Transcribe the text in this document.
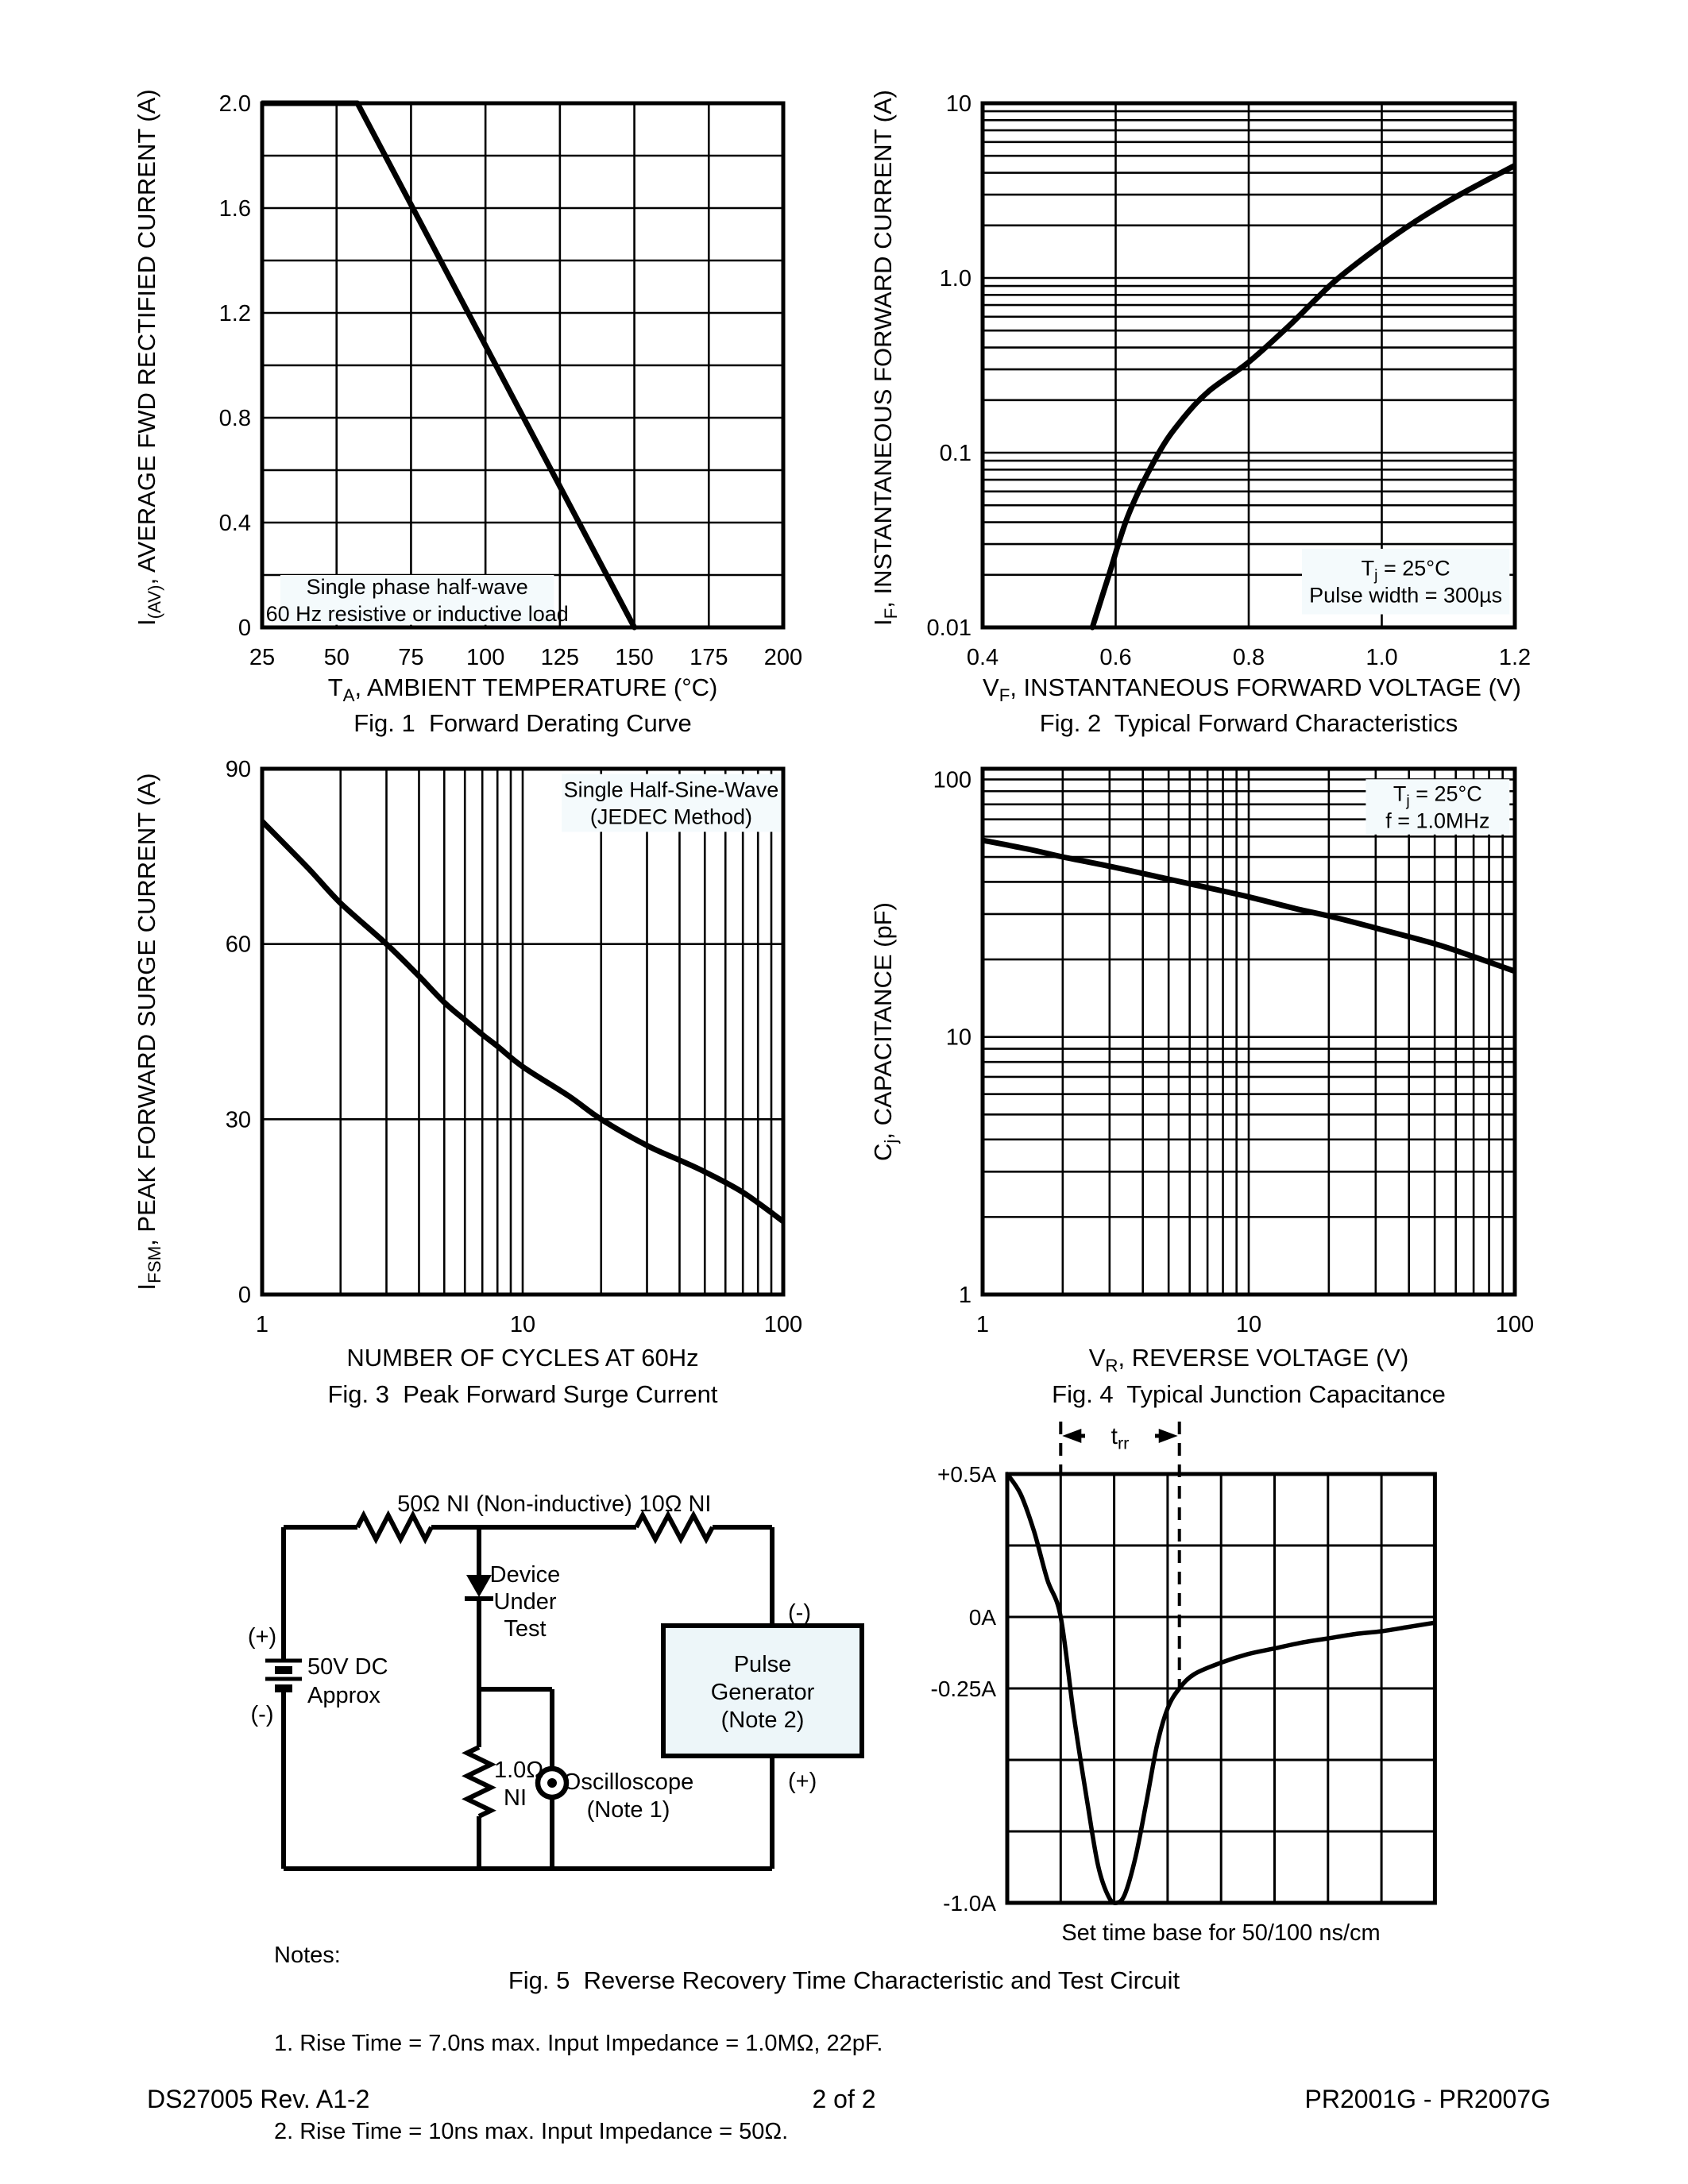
$I_{(AV)}$, AVERAGE FWD RECTIFIED CURRENT (A)
Single phase half-wave
60 Hz resistive or inductive load
25 50 75 100 125 150 175 200
0
0.4
0.8
1.2
1.6
2.0
$T_A$, AMBIENT TEMPERATURE (°C)
Fig. 1  Forward Derating Curve
$I_F$, INSTANTANEOUS FORWARD CURRENT (A)	$T_j = 25^\circ C$
Pulse width = 300µs
0.4	0.6	0.8	1.0	1.2
10
1.0
0.1
0.01
$V_F$, INSTANTANEOUS FORWARD VOLTAGE (V)
Fig. 2  Typical Forward Characteristics
$I_{FSM}$, PEAK FORWARD SURGE CURRENT (A)	Single Half-Sine-Wave
(JEDEC Method)
1	10	100
0
30
60
90
NUMBER OF CYCLES AT 60Hz
Fig. 3  Peak Forward Surge Current
$C_j$, CAPACITANCE (pF)
$T_j = 25^\circ C$
f = 1.0MHz
1	10	100
1
10
100
$V_R$, REVERSE VOLTAGE (V)
Fig. 4  Typical Junction Capacitance
50Ω NI (Non-inductive) 10Ω NI
(+)
(-)
50V DC
Approx
Device
Under
Test
1.0Ω
NI
Oscilloscope
(Note 1)
Pulse
Generator
(Note 2)
(-)
(+)
+0.5A
0A
-0.25A
-1.0A
$t_{rr}$

Notes:

1. Rise Time = 7.0ns max. Input Impedance = 1.0MΩ, 22pF.

2. Rise Time = 10ns max. Input Impedance = 50Ω.

Set time base for 50/100 ns/cm
Fig. 5  Reverse Recovery Time Characteristic and Test Circuit
DS27005 Rev. A1-2	2 of 2	PR2001G - PR2007G
